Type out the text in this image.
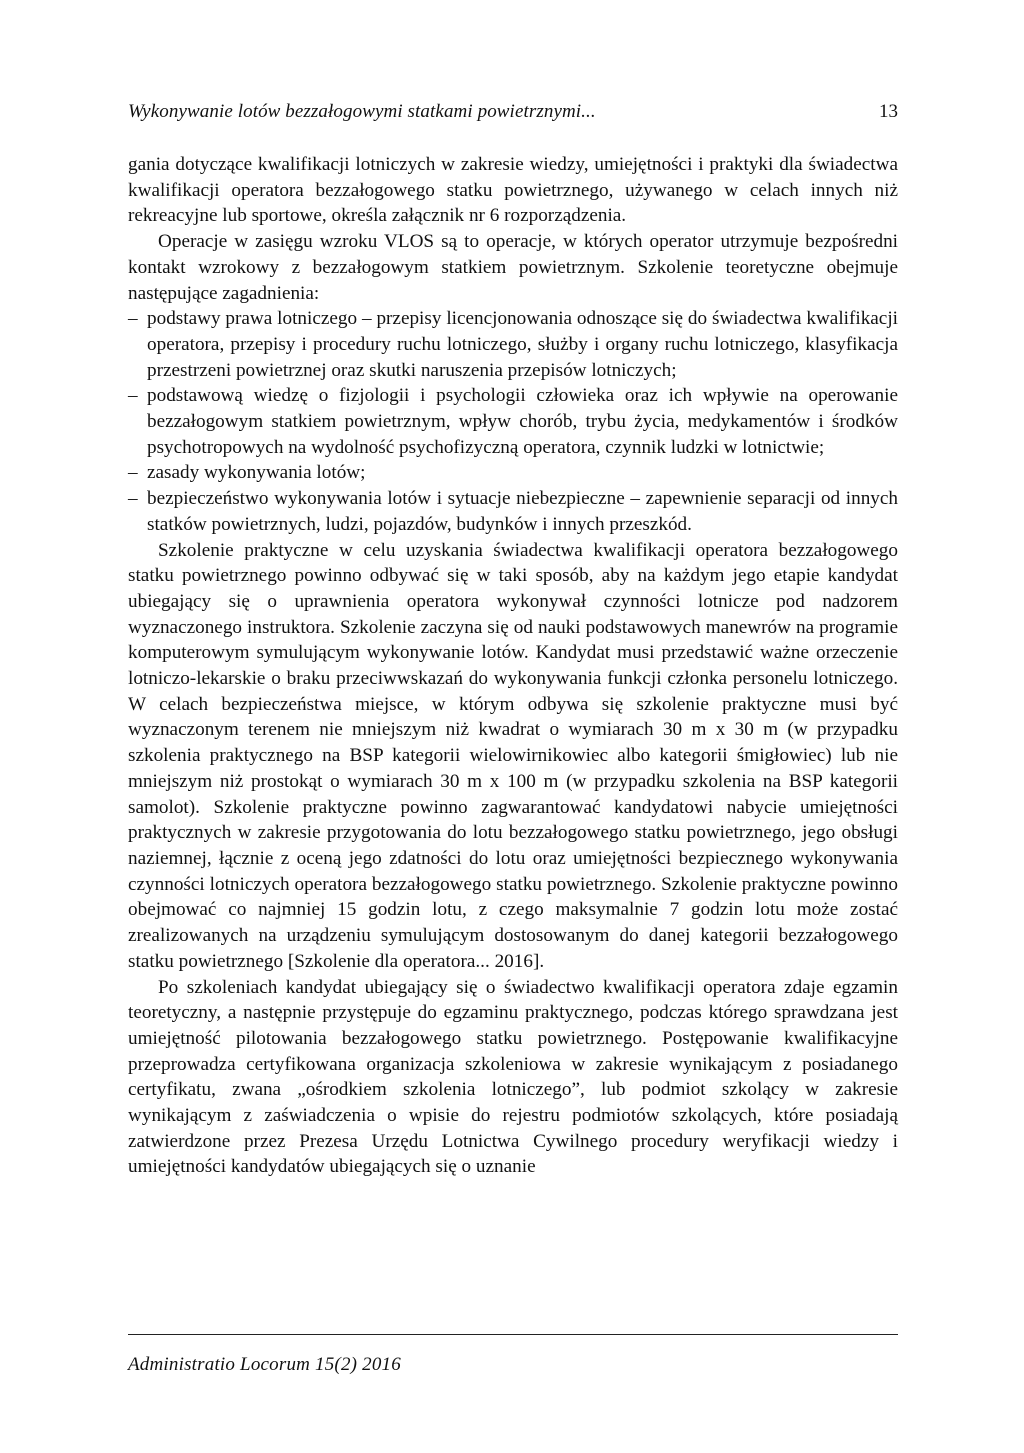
Wykonywanie lotów bezzałogowymi statkami powietrznymi...	13

gania dotyczące kwalifikacji lotniczych w zakresie wiedzy, umiejętności i praktyki dla świadectwa kwalifikacji operatora bezzałogowego statku powietrznego, używanego w celach innych niż rekreacyjne lub sportowe, określa załącznik nr 6 rozporządzenia.

Operacje w zasięgu wzroku VLOS są to operacje, w których operator utrzymuje bezpośredni kontakt wzrokowy z bezzałogowym statkiem powietrznym. Szkolenie teoretyczne obejmuje następujące zagadnienia:

– podstawy prawa lotniczego – przepisy licencjonowania odnoszące się do świadectwa kwalifikacji operatora, przepisy i procedury ruchu lotniczego, służby i organy ruchu lotniczego, klasyfikacja przestrzeni powietrznej oraz skutki naruszenia przepisów lotniczych;
– podstawową wiedzę o fizjologii i psychologii człowieka oraz ich wpływie na operowanie bezzałogowym statkiem powietrznym, wpływ chorób, trybu życia, medykamentów i środków psychotropowych na wydolność psychofizyczną operatora, czynnik ludzki w lotnictwie;
– zasady wykonywania lotów;
– bezpieczeństwo wykonywania lotów i sytuacje niebezpieczne – zapewnienie separacji od innych statków powietrznych, ludzi, pojazdów, budynków i innych przeszkód.

Szkolenie praktyczne w celu uzyskania świadectwa kwalifikacji operatora bezzałogowego statku powietrznego powinno odbywać się w taki sposób, aby na każdym jego etapie kandydat ubiegający się o uprawnienia operatora wykonywał czynności lotnicze pod nadzorem wyznaczonego instruktora. Szkolenie zaczyna się od nauki podstawowych manewrów na programie komputerowym symulującym wykonywanie lotów. Kandydat musi przedstawić ważne orzeczenie lotniczo-lekarskie o braku przeciwwskazań do wykonywania funkcji członka personelu lotniczego. W celach bezpieczeństwa miejsce, w którym odbywa się szkolenie praktyczne musi być wyznaczonym terenem nie mniejszym niż kwadrat o wymiarach 30 m x 30 m (w przypadku szkolenia praktycznego na BSP kategorii wielowirnikowiec albo kategorii śmigłowiec) lub nie mniejszym niż prostokąt o wymiarach 30 m x 100 m (w przypadku szkolenia na BSP kategorii samolot). Szkolenie praktyczne powinno zagwarantować kandydatowi nabycie umiejętności praktycznych w zakresie przygotowania do lotu bezzałogowego statku powietrznego, jego obsługi naziemnej, łącznie z oceną jego zdatności do lotu oraz umiejętności bezpiecznego wykonywania czynności lotniczych operatora bezzałogowego statku powietrznego. Szkolenie praktyczne powinno obejmować co najmniej 15 godzin lotu, z czego maksymalnie 7 godzin lotu może zostać zrealizowanych na urządzeniu symulującym dostosowanym do danej kategorii bezzałogowego statku powietrznego [Szkolenie dla operatora... 2016].

Po szkoleniach kandydat ubiegający się o świadectwo kwalifikacji operatora zdaje egzamin teoretyczny, a następnie przystępuje do egzaminu praktycznego, podczas którego sprawdzana jest umiejętność pilotowania bezzałogowego statku powietrznego. Postępowanie kwalifikacyjne przeprowadza certyfikowana organizacja szkoleniowa w zakresie wynikającym z posiadanego certyfikatu, zwana „ośrodkiem szkolenia lotniczego”, lub podmiot szkolący w zakresie wynikającym z zaświadczenia o wpisie do rejestru podmiotów szkolących, które posiadają zatwierdzone przez Prezesa Urzędu Lotnictwa Cywilnego procedury weryfikacji wiedzy i umiejętności kandydatów ubiegających się o uznanie

Administratio Locorum 15(2) 2016
